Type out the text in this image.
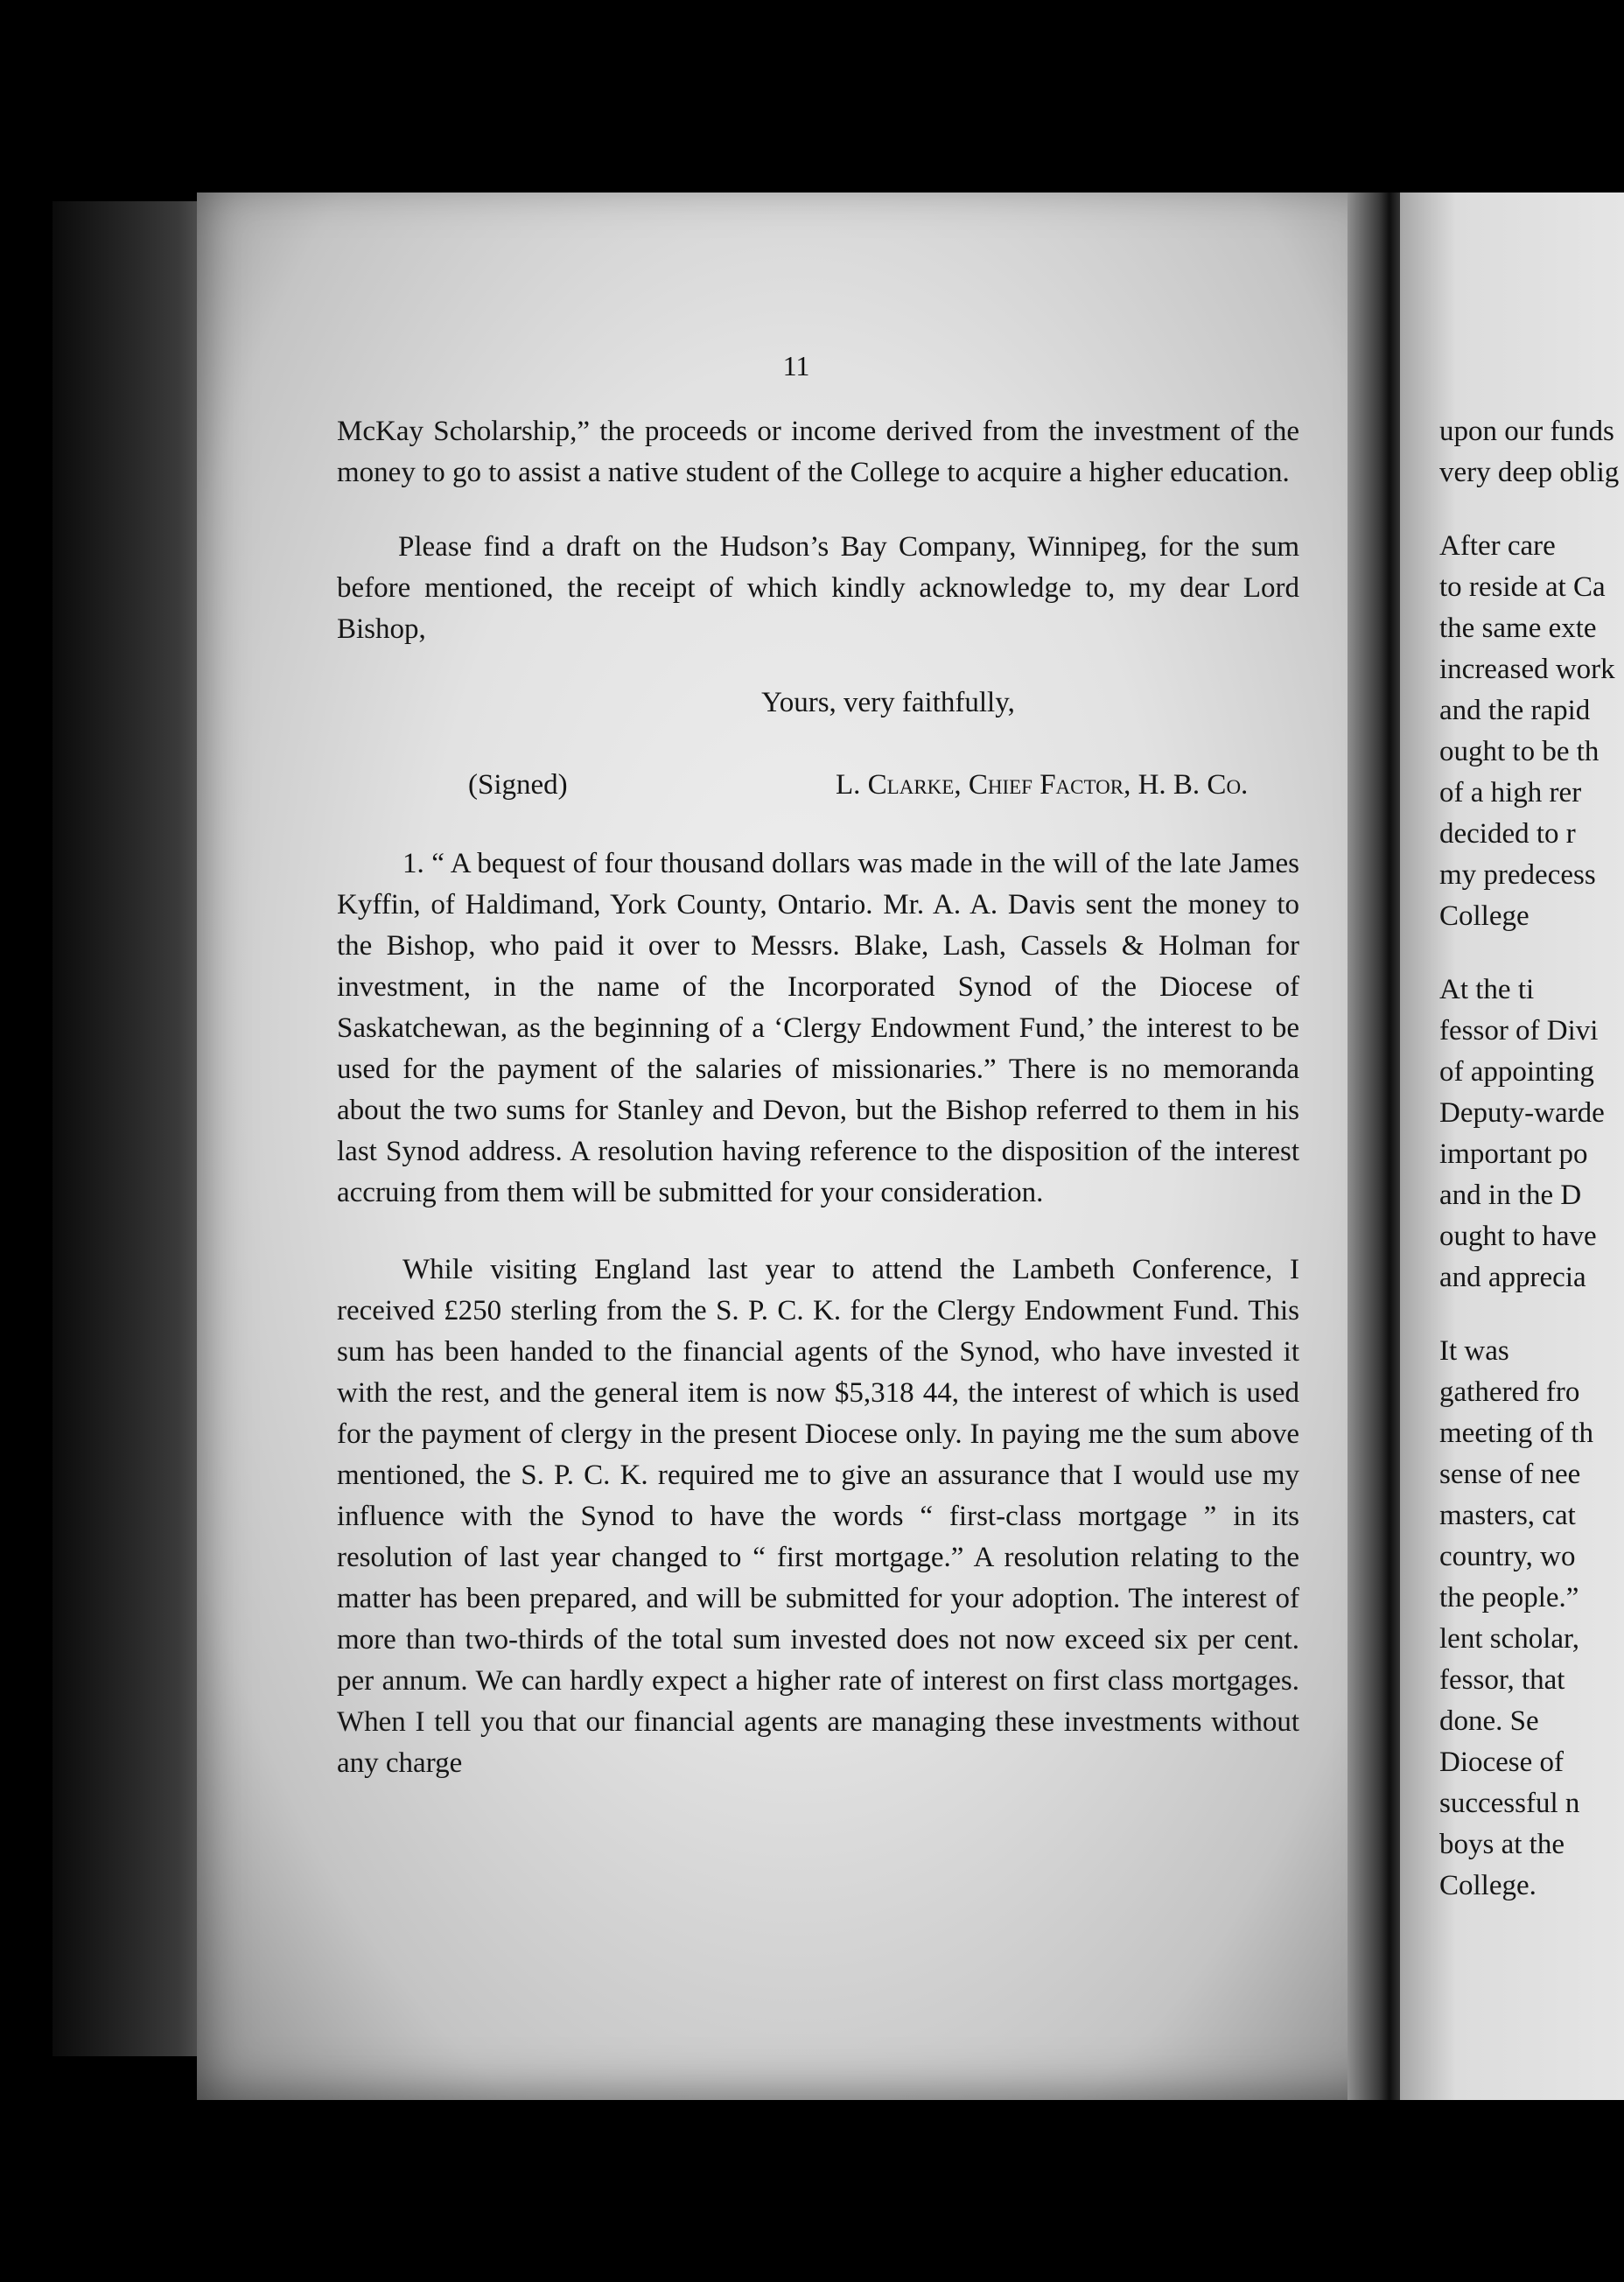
11

McKay Scholarship,” the proceeds or income derived from the investment of the money to go to assist a native student of the College to acquire a higher education.

Please find a draft on the Hudson’s Bay Company, Winnipeg, for the sum before mentioned, the receipt of which kindly acknowledge to, my dear Lord Bishop,

Yours, very faithfully,

(Signed)	L. Clarke, Chief Factor, H. B. Co.

1. “ A bequest of four thousand dollars was made in the will of the late James Kyffin, of Haldimand, York County, Ontario. Mr. A. A. Davis sent the money to the Bishop, who paid it over to Messrs. Blake, Lash, Cassels & Holman for investment, in the name of the Incorporated Synod of the Diocese of Saskatchewan, as the beginning of a ‘Clergy Endowment Fund,’ the interest to be used for the payment of the salaries of missionaries.” There is no memoranda about the two sums for Stanley and Devon, but the Bishop referred to them in his last Synod address. A resolution having reference to the disposition of the interest accruing from them will be submitted for your consideration.

While visiting England last year to attend the Lambeth Conference, I received £250 sterling from the S. P. C. K. for the Clergy Endowment Fund. This sum has been handed to the financial agents of the Synod, who have invested it with the rest, and the general item is now $5,318 44, the interest of which is used for the payment of clergy in the present Diocese only. In paying me the sum above mentioned, the S. P. C. K. required me to give an assurance that I would use my influence with the Synod to have the words “ first-class mortgage ” in its resolution of last year changed to “ first mortgage.” A resolution relating to the matter has been prepared, and will be submitted for your adoption. The interest of more than two-thirds of the total sum invested does not now exceed six per cent. per annum. We can hardly expect a higher rate of interest on first class mortgages. When I tell you that our financial agents are managing these investments without any charge

upon our funds
very deep oblig
After care
to reside at Ca
the same exte
increased work
and the rapid
ought to be th
of a high rer
decided to r
my predecess
College
At the ti
fessor of Divi
of appointing
Deputy-warde
important po
and in the D
ought to have
and apprecia
It was
gathered fro
meeting of th
sense of nee
masters, cat
country, wo
the people.”
lent scholar,
fessor, that
done. Se
Diocese of
successful n
boys at the
College.
